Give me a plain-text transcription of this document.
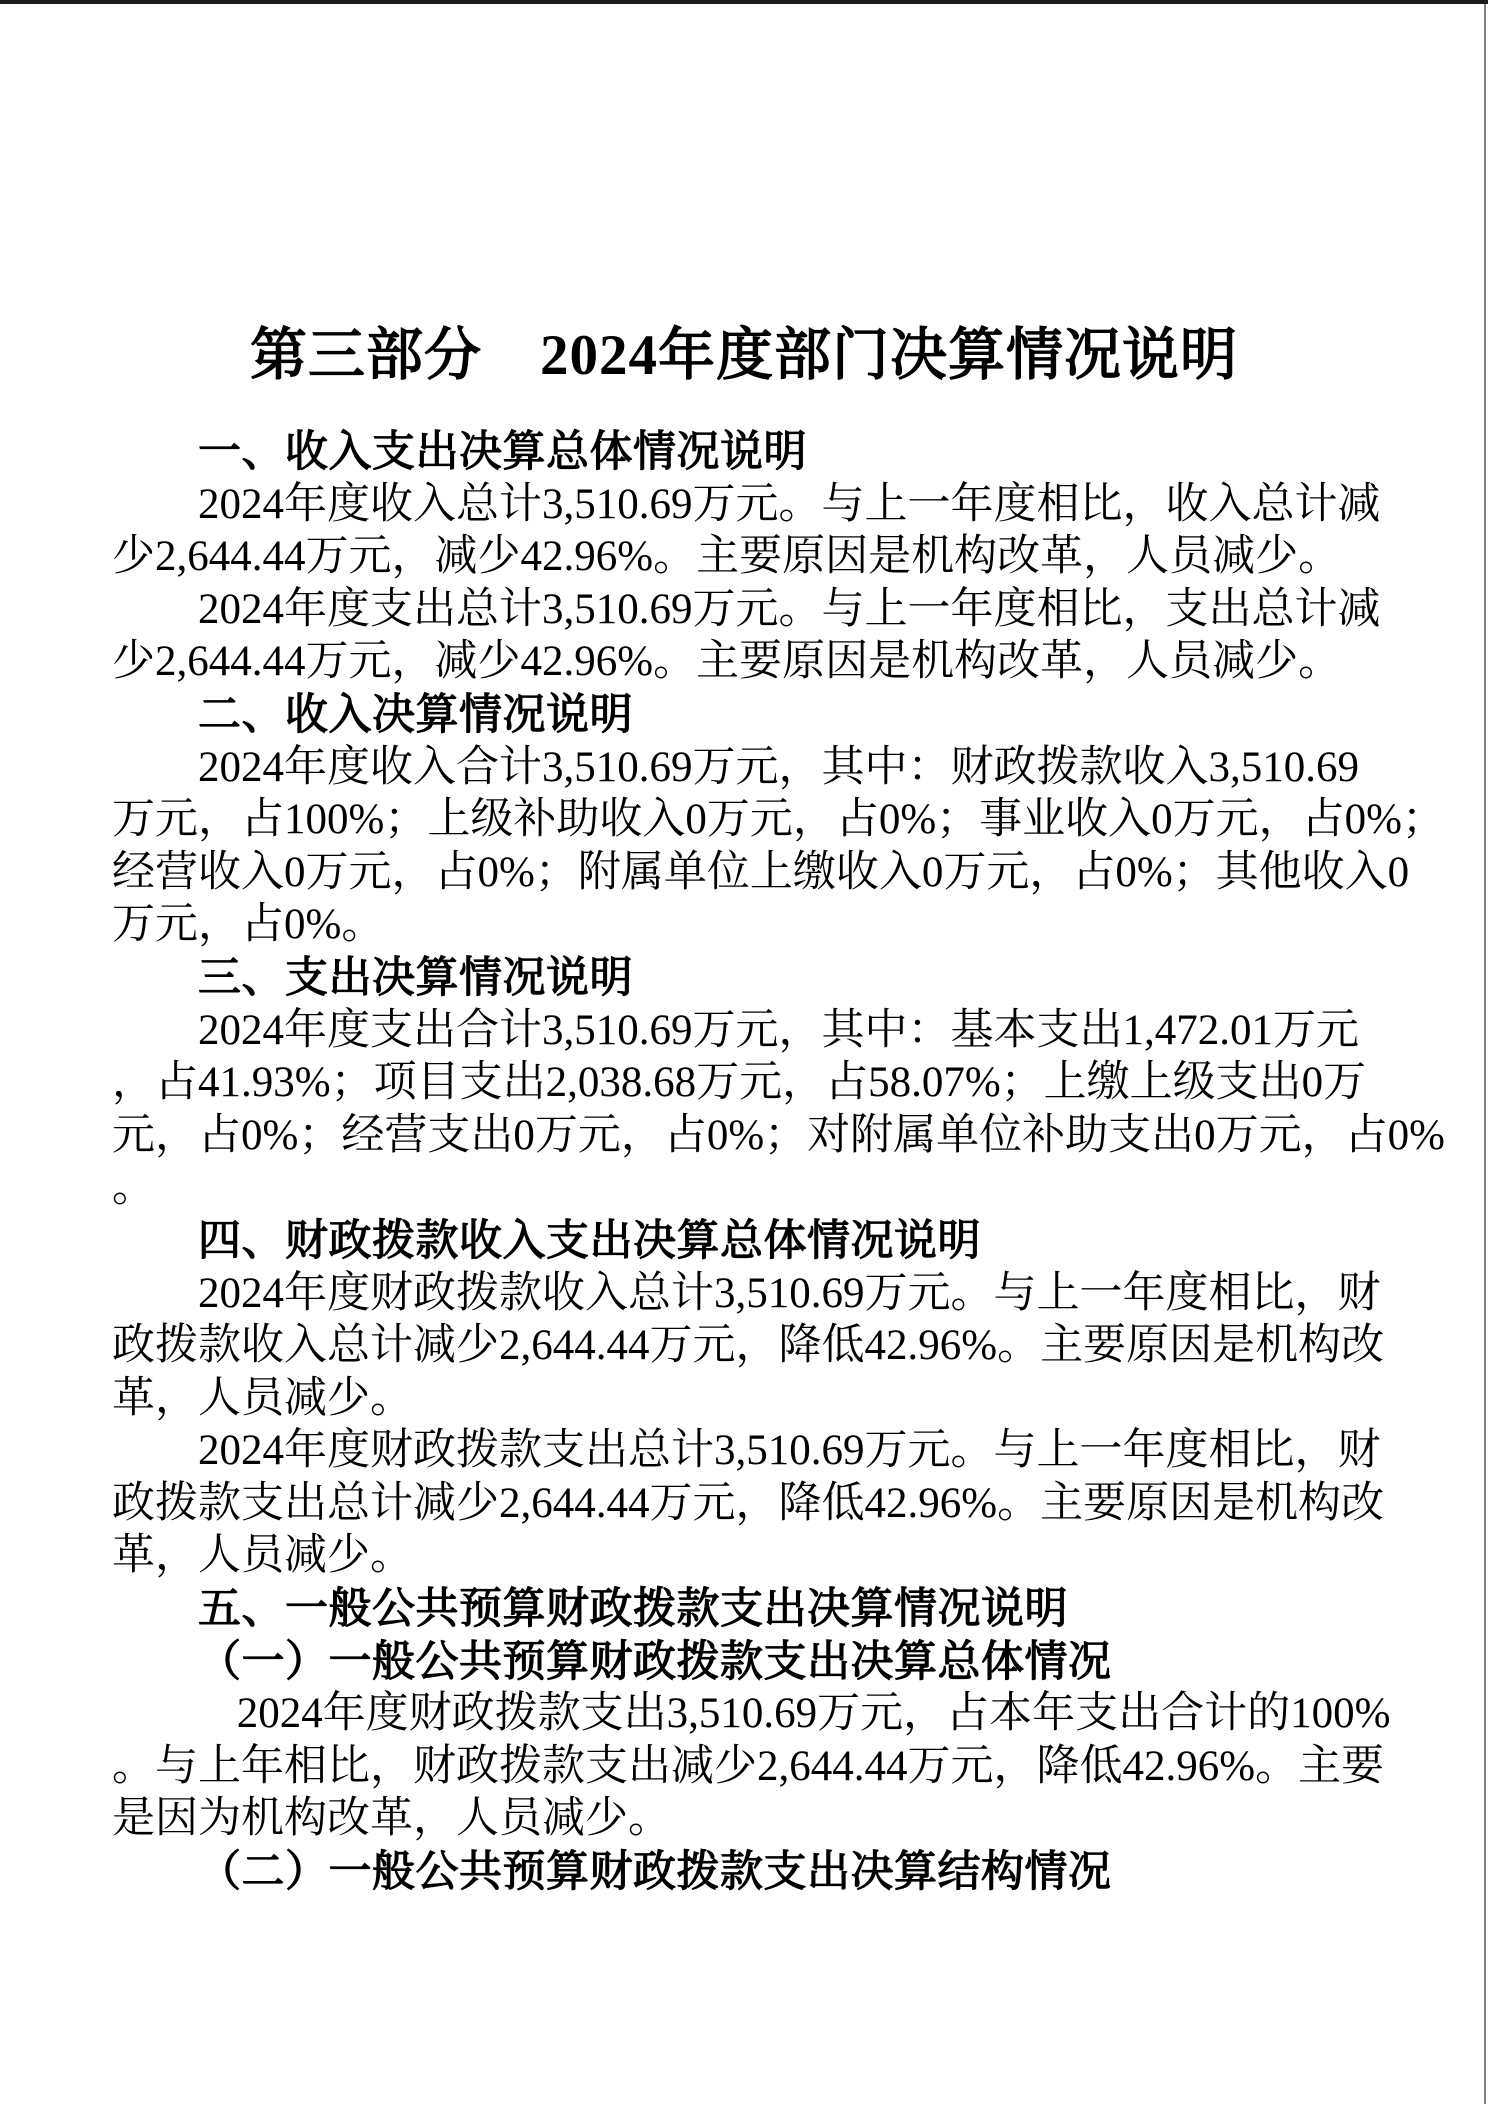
第三部分　2024年度部门决算情况说明
一、收入支出决算总体情况说明
2024年度收入总计3,510.69万元。与上一年度相比，收入总计减
少2,644.44万元，减少42.96%。主要原因是机构改革，人员减少。
2024年度支出总计3,510.69万元。与上一年度相比，支出总计减
少2,644.44万元，减少42.96%。主要原因是机构改革，人员减少。
二、收入决算情况说明
2024年度收入合计3,510.69万元，其中：财政拨款收入3,510.69
万元，占100%；上级补助收入0万元，占0%；事业收入0万元，占0%；
经营收入0万元，占0%；附属单位上缴收入0万元，占0%；其他收入0
万元，占0%。
三、支出决算情况说明
2024年度支出合计3,510.69万元，其中：基本支出1,472.01万元
，占41.93%；项目支出2,038.68万元，占58.07%；上缴上级支出0万
元，占0%；经营支出0万元，占0%；对附属单位补助支出0万元，占0%
。
四、财政拨款收入支出决算总体情况说明
2024年度财政拨款收入总计3,510.69万元。与上一年度相比，财
政拨款收入总计减少2,644.44万元，降低42.96%。主要原因是机构改
革，人员减少。
2024年度财政拨款支出总计3,510.69万元。与上一年度相比，财
政拨款支出总计减少2,644.44万元，降低42.96%。主要原因是机构改
革，人员减少。
五、一般公共预算财政拨款支出决算情况说明
（一）一般公共预算财政拨款支出决算总体情况
2024年度财政拨款支出3,510.69万元，占本年支出合计的100%
。与上年相比，财政拨款支出减少2,644.44万元，降低42.96%。主要
是因为机构改革，人员减少。
（二）一般公共预算财政拨款支出决算结构情况
